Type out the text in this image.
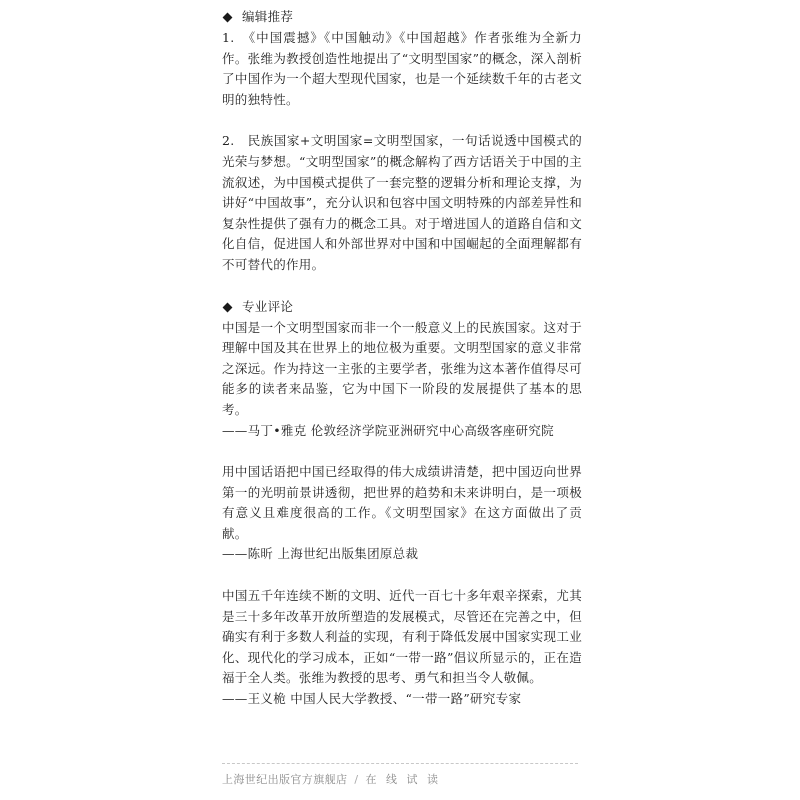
编辑推荐

1.　《中国震撼》《中国触动》《中国超越》作者张维为全新力作。张维为教授创造性地提出了“文明型国家”的概念，深入剖析了中国作为一个超大型现代国家，也是一个延续数千年的古老文明的独特性。

2.　民族国家+文明国家=文明型国家，一句话说透中国模式的光荣与梦想。“文明型国家”的概念解构了西方话语关于中国的主流叙述，为中国模式提供了一套完整的逻辑分析和理论支撑，为讲好“中国故事”，充分认识和包容中国文明特殊的内部差异性和复杂性提供了强有力的概念工具。对于增进国人的道路自信和文化自信，促进国人和外部世界对中国和中国崛起的全面理解都有不可替代的作用。

专业评论

中国是一个文明型国家而非一个一般意义上的民族国家。这对于理解中国及其在世界上的地位极为重要。文明型国家的意义非常之深远。作为持这一主张的主要学者，张维为这本著作值得尽可能多的读者来品鉴，它为中国下一阶段的发展提供了基本的思考。

——马丁•雅克 伦敦经济学院亚洲研究中心高级客座研究院

用中国话语把中国已经取得的伟大成绩讲清楚，把中国迈向世界第一的光明前景讲透彻，把世界的趋势和未来讲明白，是一项极有意义且难度很高的工作。《文明型国家》在这方面做出了贡献。

——陈昕 上海世纪出版集团原总裁

中国五千年连续不断的文明、近代一百七十多年艰辛探索，尤其是三十多年改革开放所塑造的发展模式，尽管还在完善之中，但确实有利于多数人利益的实现，有利于降低发展中国家实现工业化、现代化的学习成本，正如“一带一路”倡议所显示的，正在造福于全人类。张维为教授的思考、勇气和担当令人敬佩。

——王义桅 中国人民大学教授、“一带一路”研究专家

上海世纪出版官方旗舰店 / 在 线 试 读
